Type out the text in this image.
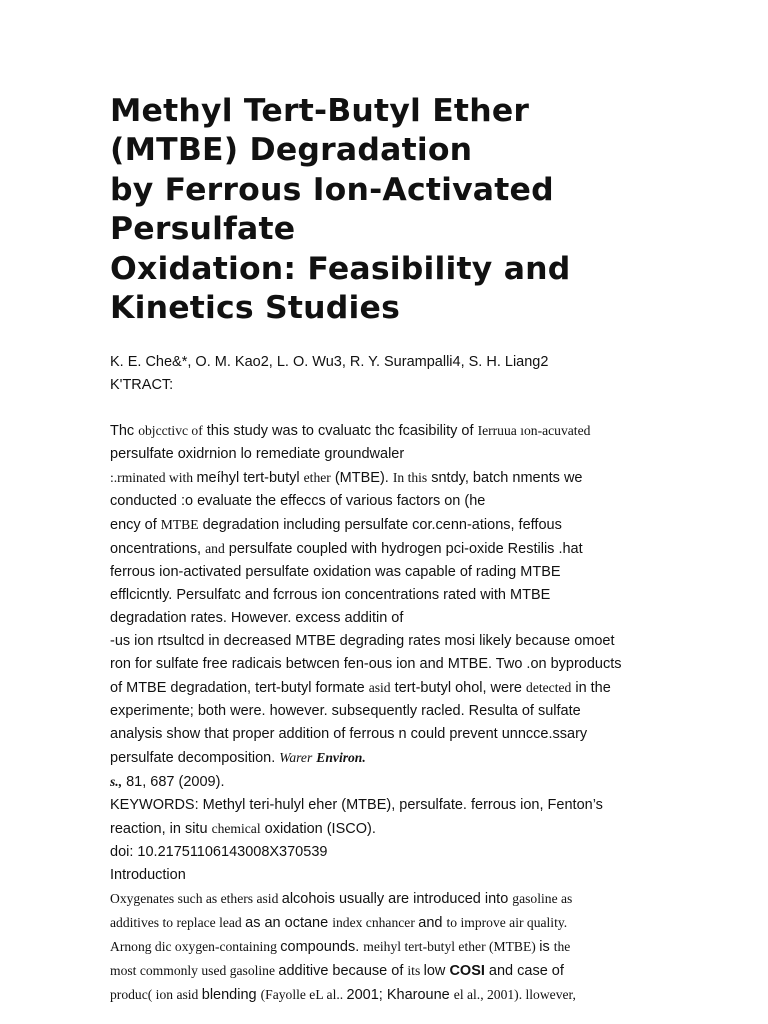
Methyl Tert-Butyl Ether
(MTBE) Degradation
by Ferrous Ion-Activated
Persulfate
Oxidation: Feasibility and
Kinetics Studies
K. E. Che&*, O. M. Kao2, L. O. Wu3, R. Y. Surampalli4, S. H. Liang2
K'TRACT:
Thc objcctivc of this study was to cvaluatc thc fcasibility of Ierruua ıon-acuvated
persulfate oxidrnion lo remediate groundwaler
:.rminated with meíhyl tert-butyl ether (MTBE). In this sntdy, batch nments we
conducted :o evaluate the effeccs of various factors on (he
ency of MTBE degradation including persulfate cor.cenn-ations, feffous
oncentrations, and persulfate coupled with hydrogen pci-oxide Restilis .hat
ferrous ion-activated persulfate oxidation was capable of rading MTBE
efflcicntly. Persulfatc and fcrrous ion concentrations rated with MTBE
degradation rates. However. excess additin of
-us ion rtsultcd in decreased MTBE degrading rates mosi likely because omoet
ron for sulfate free radicais betwcen fen-ous ion and MTBE. Two .on byproducts
of MTBE degradation, tert-butyl formate asid tert-butyl ohol, were detected in the
experimente; both were. however. subsequently racled. Resulta of sulfate
analysis show that proper addition of ferrous n could prevent unncce.ssary
persulfate decomposition. Warer Environ.
s., 81, 687 (2009).
KEYWORDS: Methyl teri-hulyl eher (MTBE), persulfate. ferrous ion, Fenton’s
reaction, in situ chemical oxidation (ISCO).
doi: 10.21751106143008X370539
Introduction
Oxygenates such as ethers asid alcohois usually are introduced into gasoline as
additives to replace lead as an octane index cnhancer and to improve air quality.
Arnong dic oxygen-containing compounds. meihyl tert-butyl ether (MTBE) is the
most commonly used gasoline additive because of its low COSI and case of
produc( ion asid blending (Fayolle eL al.. 2001; Kharoune el al., 2001). llowever,
